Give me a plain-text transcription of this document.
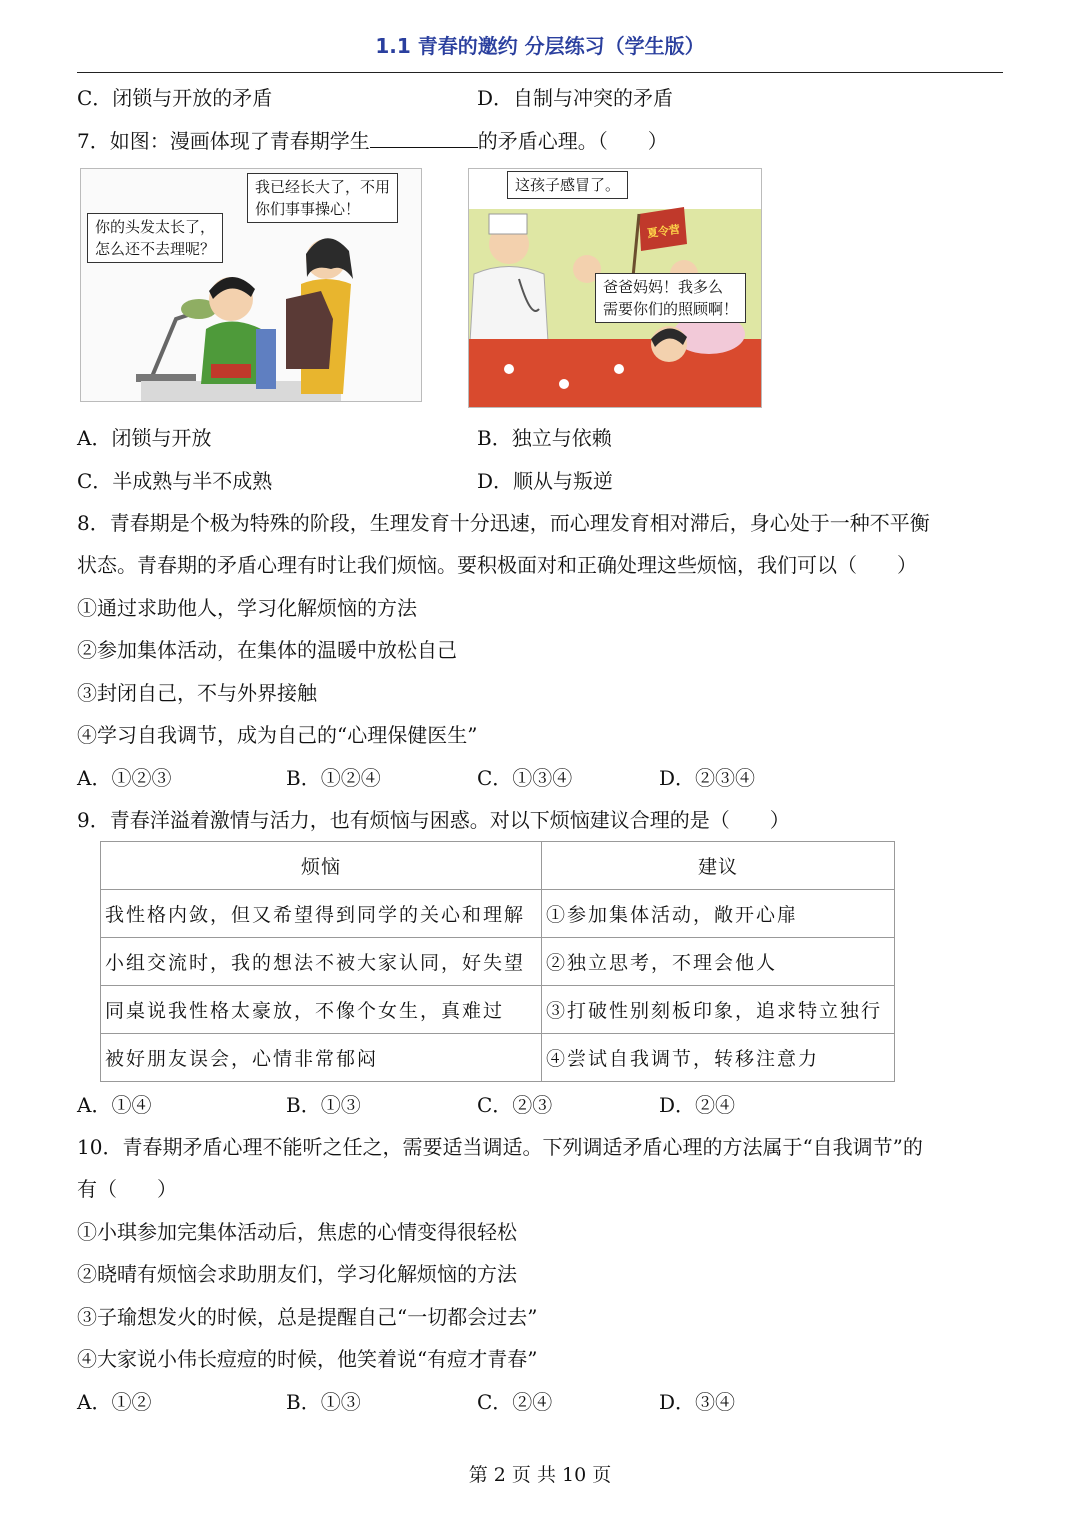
1.1 青春的邀约 分层练习（学生版）
C．闭锁与开放的矛盾	D．自制与冲突的矛盾
7．如图：漫画体现了青春期学生	的矛盾心理。（　　）
你的头发太长了，
怎么还不去理呢？
我已经长大了，不用
你们事事操心！
这孩子感冒了。
夏令营
爸爸妈妈！我多么
需要你们的照顾啊！
A．闭锁与开放	B．独立与依赖
C．半成熟与半不成熟	D．顺从与叛逆
8．青春期是个极为特殊的阶段，生理发育十分迅速，而心理发育相对滞后，身心处于一种不平衡
状态。青春期的矛盾心理有时让我们烦恼。要积极面对和正确处理这些烦恼，我们可以（　　）
①通过求助他人，学习化解烦恼的方法
②参加集体活动，在集体的温暖中放松自己
③封闭自己，不与外界接触
④学习自我调节，成为自己的“心理保健医生”
A．①②③	B．①②④	C．①③④	D．②③④
9．青春洋溢着激情与活力，也有烦恼与困惑。对以下烦恼建议合理的是（　　）
烦恼	建议
我性格内敛，但又希望得到同学的关心和理解	①参加集体活动，敞开心扉
小组交流时，我的想法不被大家认同，好失望	②独立思考，不理会他人
同桌说我性格太豪放，不像个女生，真难过	③打破性别刻板印象，追求特立独行
被好朋友误会，心情非常郁闷	④尝试自我调节，转移注意力
A．①④	B．①③	C．②③	D．②④
10．青春期矛盾心理不能听之任之，需要适当调适。下列调适矛盾心理的方法属于“自我调节”的
有（　　）
①小琪参加完集体活动后，焦虑的心情变得很轻松
②晓晴有烦恼会求助朋友们，学习化解烦恼的方法
③子瑜想发火的时候，总是提醒自己“一切都会过去”
④大家说小伟长痘痘的时候，他笑着说“有痘才青春”
A．①②	B．①③	C．②④	D．③④
第 2 页 共 10 页
